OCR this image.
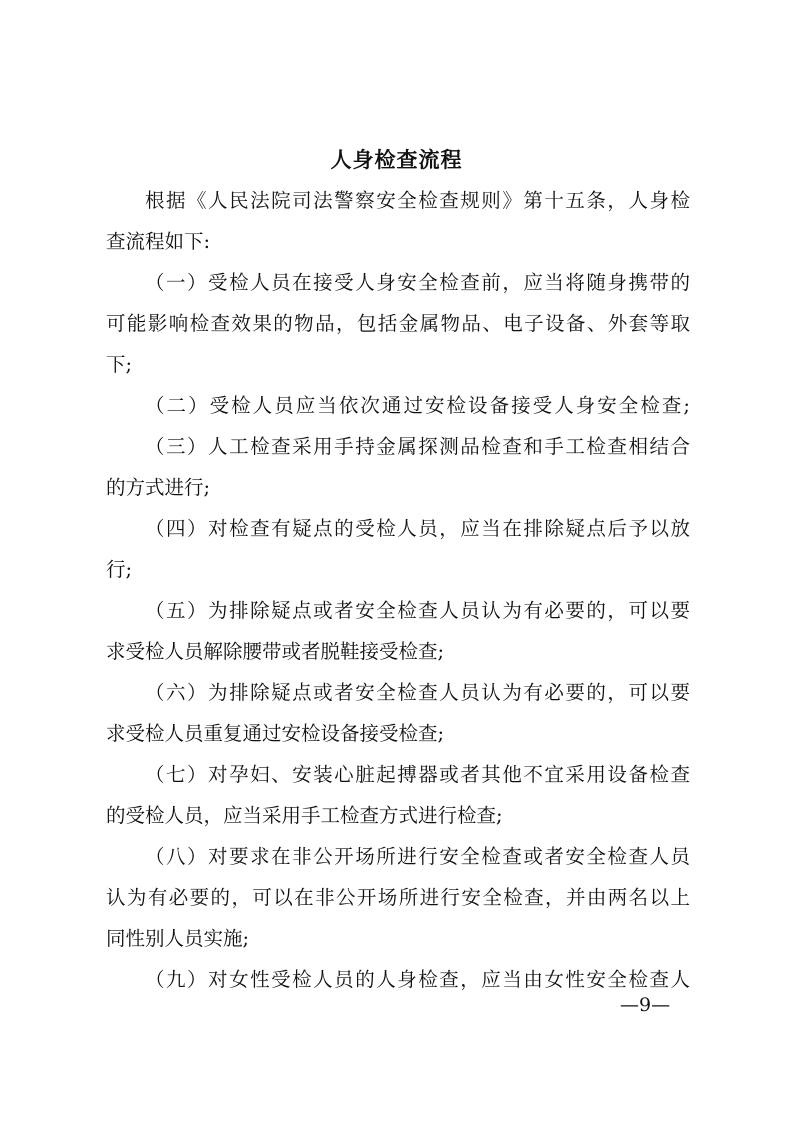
人身检查流程
根据《人民法院司法警察安全检查规则》第十五条，人身检
查流程如下:
（一）受检人员在接受人身安全检查前，应当将随身携带的
可能影响检查效果的物品，包括金属物品、电子设备、外套等取
下;
（二）受检人员应当依次通过安检设备接受人身安全检查;
（三）人工检查采用手持金属探测品检查和手工检查相结合
的方式进行;
（四）对检查有疑点的受检人员，应当在排除疑点后予以放
行;
（五）为排除疑点或者安全检查人员认为有必要的，可以要
求受检人员解除腰带或者脱鞋接受检查;
（六）为排除疑点或者安全检查人员认为有必要的，可以要
求受检人员重复通过安检设备接受检查;
（七）对孕妇、安装心脏起搏器或者其他不宜采用设备检查
的受检人员，应当采用手工检查方式进行检查;
（八）对要求在非公开场所进行安全检查或者安全检查人员
认为有必要的，可以在非公开场所进行安全检查，并由两名以上
同性别人员实施;
（九）对女性受检人员的人身检查，应当由女性安全检查人
—9—
